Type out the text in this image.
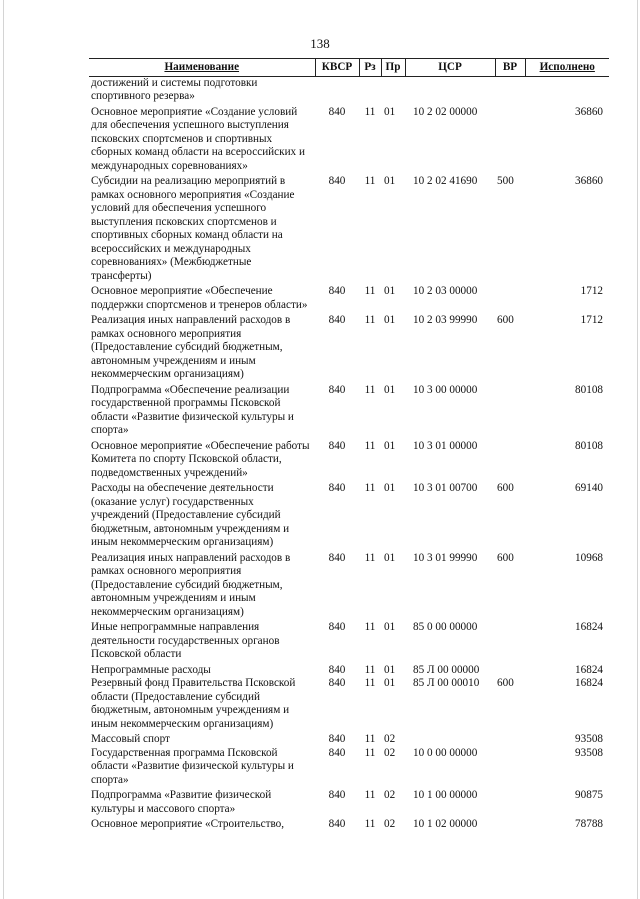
138
Наименование	КВСР	Рз	Пр	ЦСР	ВР	Исполнено
достижений и системы подготовки спортивного резерва»						
Основное мероприятие «Создание условий для обеспечения успешного выступления псковских спортсменов и спортивных сборных команд области на всероссийских и международных соревнованиях»	840	11	01	10 2 02 00000		36860
Субсидии на реализацию мероприятий в рамках основного мероприятия «Создание условий для обеспечения успешного выступления псковских спортсменов и спортивных сборных команд области на всероссийских и международных соревнованиях» (Межбюджетные трансферты)	840	11	01	10 2 02 41690	500	36860
Основное мероприятие «Обеспечение поддержки спортсменов и тренеров области»	840	11	01	10 2 03 00000		1712
Реализация иных направлений расходов в рамках основного мероприятия (Предоставление субсидий бюджетным, автономным учреждениям и иным некоммерческим организациям)	840	11	01	10 2 03 99990	600	1712
Подпрограмма «Обеспечение реализации государственной программы Псковской области «Развитие физической культуры и спорта»	840	11	01	10 3 00 00000		80108
Основное мероприятие «Обеспечение работы Комитета по спорту Псковской области, подведомственных учреждений»	840	11	01	10 3 01 00000		80108
Расходы на обеспечение деятельности (оказание услуг) государственных учреждений (Предоставление субсидий бюджетным, автономным учреждениям и иным некоммерческим организациям)	840	11	01	10 3 01 00700	600	69140
Реализация иных направлений расходов в рамках основного мероприятия (Предоставление субсидий бюджетным, автономным учреждениям и иным некоммерческим организациям)	840	11	01	10 3 01 99990	600	10968
Иные непрограммные направления деятельности государственных органов Псковской области	840	11	01	85 0 00 00000		16824
Непрограммные расходы	840	11	01	85 Л 00 00000		16824
Резервный фонд Правительства Псковской области (Предоставление субсидий бюджетным, автономным учреждениям и иным некоммерческим организациям)	840	11	01	85 Л 00 00010	600	16824
Массовый спорт	840	11	02			93508
Государственная программа Псковской области «Развитие физической культуры и спорта»	840	11	02	10 0 00 00000		93508
Подпрограмма «Развитие физической культуры и массового спорта»	840	11	02	10 1 00 00000		90875
Основное мероприятие «Строительство,	840	11	02	10 1 02 00000		78788
